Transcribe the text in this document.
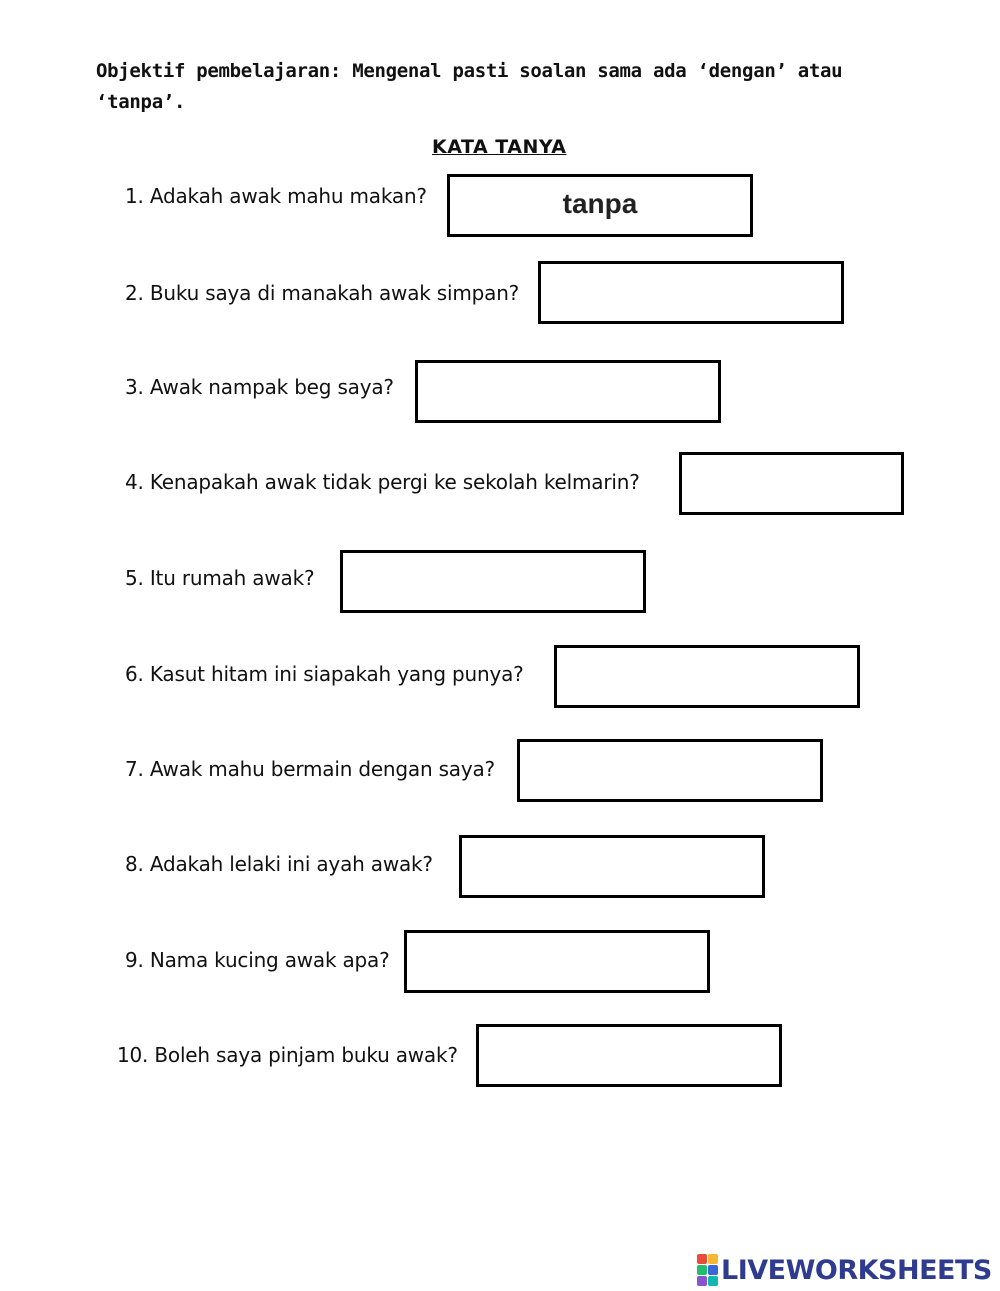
Objektif pembelajaran: Mengenal pasti soalan sama ada ‘dengan’ atau ‘tanpa’.
KATA TANYA
1. Adakah awak mahu makan?	tanpa
2. Buku saya di manakah awak simpan?
3. Awak nampak beg saya?
4. Kenapakah awak tidak pergi ke sekolah kelmarin?
5. Itu rumah awak?
6. Kasut hitam ini siapakah yang punya?
7. Awak mahu bermain dengan saya?
8. Adakah lelaki ini ayah awak?
9. Nama kucing awak apa?
10. Boleh saya pinjam buku awak?
LIVEWORKSHEETS
